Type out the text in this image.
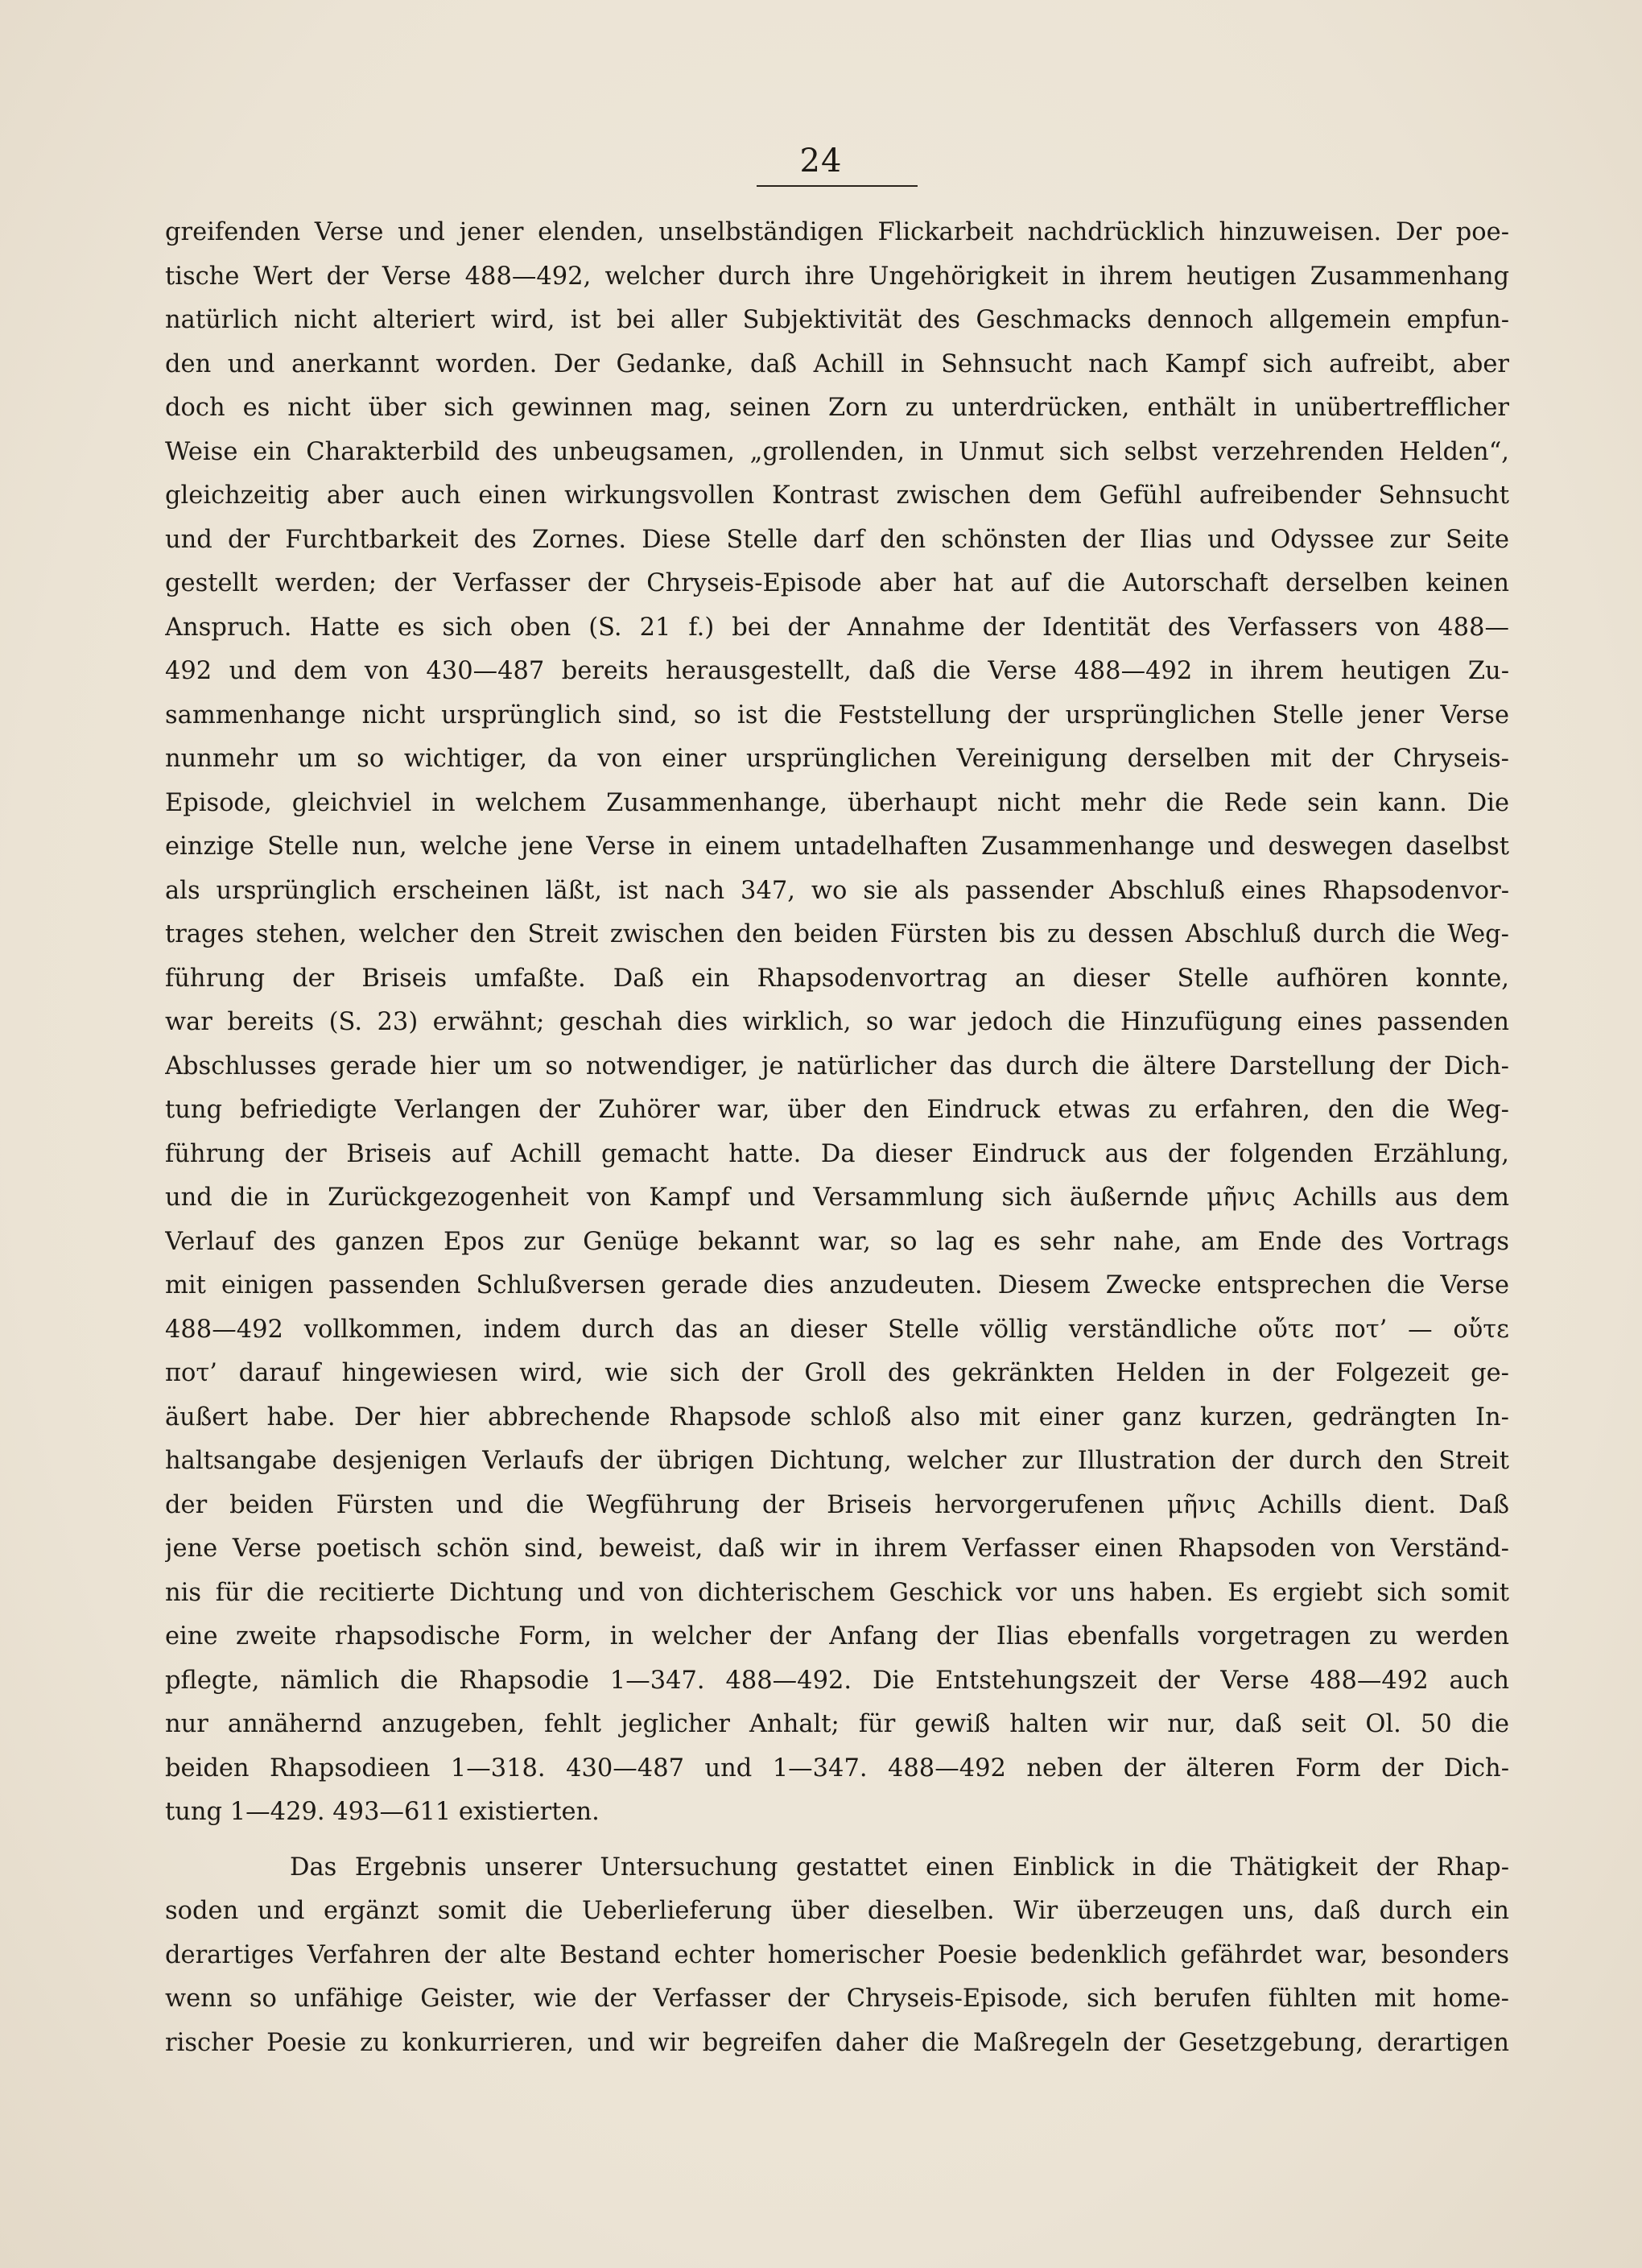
24
greifenden Verse und jener elenden, unselbständigen Flickarbeit nachdrücklich hinzuweisen. Der poe-
tische Wert der Verse 488—492, welcher durch ihre Ungehörigkeit in ihrem heutigen Zusammenhang
natürlich nicht alteriert wird, ist bei aller Subjektivität des Geschmacks dennoch allgemein empfun-
den und anerkannt worden. Der Gedanke, daß Achill in Sehnsucht nach Kampf sich aufreibt, aber
doch es nicht über sich gewinnen mag, seinen Zorn zu unterdrücken, enthält in unübertrefflicher
Weise ein Charakterbild des unbeugsamen, „grollenden, in Unmut sich selbst verzehrenden Helden“,
gleichzeitig aber auch einen wirkungsvollen Kontrast zwischen dem Gefühl aufreibender Sehnsucht
und der Furchtbarkeit des Zornes. Diese Stelle darf den schönsten der Ilias und Odyssee zur Seite
gestellt werden; der Verfasser der Chryseis-Episode aber hat auf die Autorschaft derselben keinen
Anspruch. Hatte es sich oben (S. 21 f.) bei der Annahme der Identität des Verfassers von 488—
492 und dem von 430—487 bereits herausgestellt, daß die Verse 488—492 in ihrem heutigen Zu-
sammenhange nicht ursprünglich sind, so ist die Feststellung der ursprünglichen Stelle jener Verse
nunmehr um so wichtiger, da von einer ursprünglichen Vereinigung derselben mit der Chryseis-
Episode, gleichviel in welchem Zusammenhange, überhaupt nicht mehr die Rede sein kann. Die
einzige Stelle nun, welche jene Verse in einem untadelhaften Zusammenhange und deswegen daselbst
als ursprünglich erscheinen läßt, ist nach 347, wo sie als passender Abschluß eines Rhapsodenvor-
trages stehen, welcher den Streit zwischen den beiden Fürsten bis zu dessen Abschluß durch die Weg-
führung der Briseis umfaßte. Daß ein Rhapsodenvortrag an dieser Stelle aufhören konnte,
war bereits (S. 23) erwähnt; geschah dies wirklich, so war jedoch die Hinzufügung eines passenden
Abschlusses gerade hier um so notwendiger, je natürlicher das durch die ältere Darstellung der Dich-
tung befriedigte Verlangen der Zuhörer war, über den Eindruck etwas zu erfahren, den die Weg-
führung der Briseis auf Achill gemacht hatte. Da dieser Eindruck aus der folgenden Erzählung,
und die in Zurückgezogenheit von Kampf und Versammlung sich äußernde μῆνις Achills aus dem
Verlauf des ganzen Epos zur Genüge bekannt war, so lag es sehr nahe, am Ende des Vortrags
mit einigen passenden Schlußversen gerade dies anzudeuten. Diesem Zwecke entsprechen die Verse
488—492 vollkommen, indem durch das an dieser Stelle völlig verständliche οὔτε ποτ’ — οὔτε
ποτ’ darauf hingewiesen wird, wie sich der Groll des gekränkten Helden in der Folgezeit ge-
äußert habe. Der hier abbrechende Rhapsode schloß also mit einer ganz kurzen, gedrängten In-
haltsangabe desjenigen Verlaufs der übrigen Dichtung, welcher zur Illustration der durch den Streit
der beiden Fürsten und die Wegführung der Briseis hervorgerufenen μῆνις Achills dient. Daß
jene Verse poetisch schön sind, beweist, daß wir in ihrem Verfasser einen Rhapsoden von Verständ-
nis für die recitierte Dichtung und von dichterischem Geschick vor uns haben. Es ergiebt sich somit
eine zweite rhapsodische Form, in welcher der Anfang der Ilias ebenfalls vorgetragen zu werden
pflegte, nämlich die Rhapsodie 1—347. 488—492. Die Entstehungszeit der Verse 488—492 auch
nur annähernd anzugeben, fehlt jeglicher Anhalt; für gewiß halten wir nur, daß seit Ol. 50 die
beiden Rhapsodieen 1—318. 430—487 und 1—347. 488—492 neben der älteren Form der Dich-
tung 1—429. 493—611 existierten.
Das Ergebnis unserer Untersuchung gestattet einen Einblick in die Thätigkeit der Rhap-
soden und ergänzt somit die Ueberlieferung über dieselben. Wir überzeugen uns, daß durch ein
derartiges Verfahren der alte Bestand echter homerischer Poesie bedenklich gefährdet war, besonders
wenn so unfähige Geister, wie der Verfasser der Chryseis-Episode, sich berufen fühlten mit home-
rischer Poesie zu konkurrieren, und wir begreifen daher die Maßregeln der Gesetzgebung, derartigen
